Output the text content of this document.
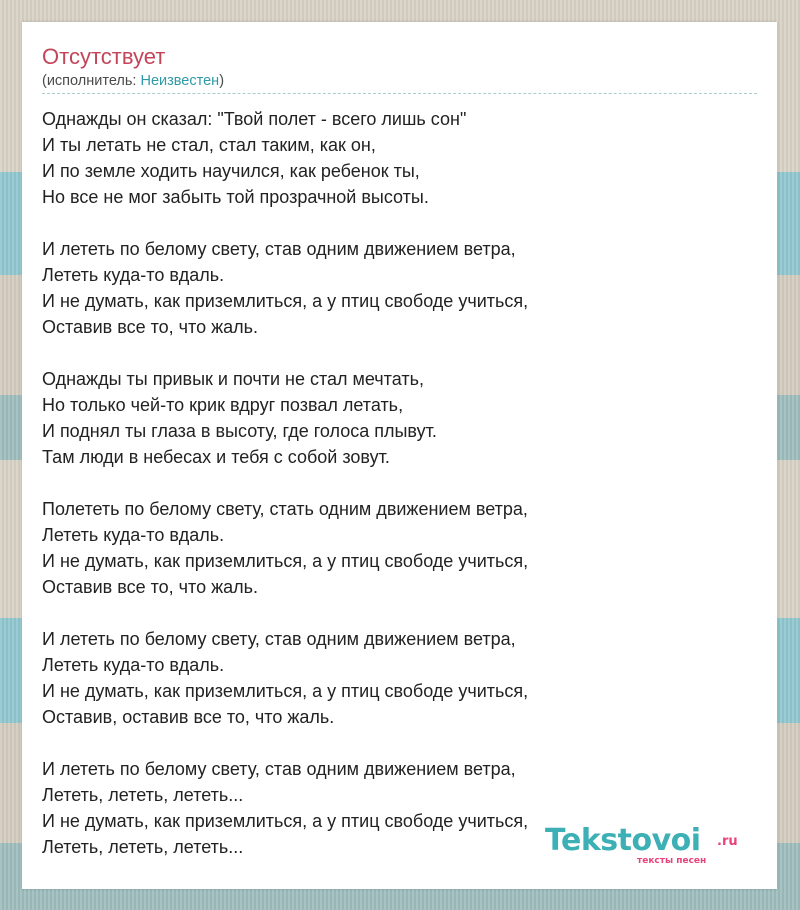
Отсутствует
(исполнитель: Неизвестен)
Однажды он сказал: "Твой полет - всего лишь сон"
И ты летать не стал, стал таким, как он,
И по земле ходить научился, как ребенок ты,
Но все не мог забыть той прозрачной высоты.
И лететь по белому свету, став одним движением ветра,
Лететь куда-то вдаль.
И не думать, как приземлиться, а у птиц свободе учиться,
Оставив все то, что жаль.
Однажды ты привык и почти не стал мечтать,
Но только чей-то крик вдруг позвал летать,
И поднял ты глаза в высоту, где голоса плывут.
Там люди в небесах и тебя с собой зовут.
Полететь по белому свету, стать одним движением ветра,
Лететь куда-то вдаль.
И не думать, как приземлиться, а у птиц свободе учиться,
Оставив все то, что жаль.
И лететь по белому свету, став одним движением ветра,
Лететь куда-то вдаль.
И не думать, как приземлиться, а у птиц свободе учиться,
Оставив, оставив все то, что жаль.
И лететь по белому свету, став одним движением ветра,
Лететь, лететь, лететь...
И не думать, как приземлиться, а у птиц свободе учиться,
Лететь, лететь, лететь...	Tekstovoi .ru
тексты песен
